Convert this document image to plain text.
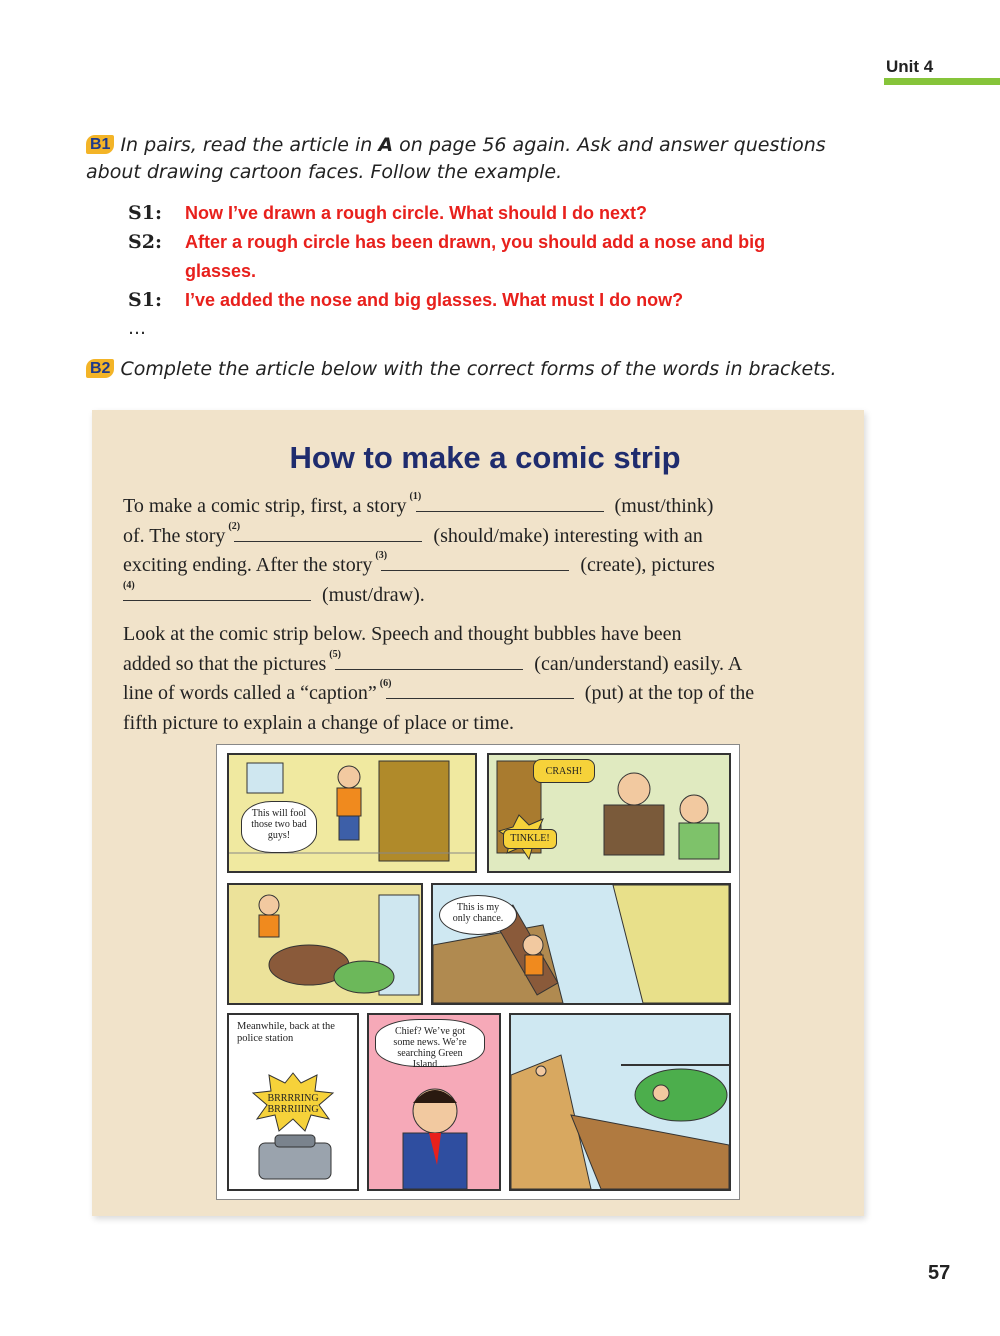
Unit 4
B1 In pairs, read the article in A on page 56 again. Ask and answer questions about drawing cartoon faces. Follow the example.
S1:	Now I’ve drawn a rough circle. What should I do next?
S2:	After a rough circle has been drawn, you should add a nose and big glasses.
S1:	I’ve added the nose and big glasses. What must I do now?
…
B2 Complete the article below with the correct forms of the words in brackets.
How to make a comic strip
To make a comic strip, first, a story (1)	(must/think)
of. The story (2)	(should/make) interesting with an
exciting ending. After the story (3)	(create), pictures
(4)	(must/draw).
Look at the comic strip below. Speech and thought bubbles have been
added so that the pictures (5)	(can/understand) easily. A
line of words called a “caption” (6)	(put) at the top of the
fifth picture to explain a change of place or time.
This will fool those two bad guys!
CRASH!
TINKLE!
This is my only chance.
Meanwhile, back at the police station
BRRRRING
BRRRIIING
Chief? We’ve got some news. We’re searching Green Island ...
57
